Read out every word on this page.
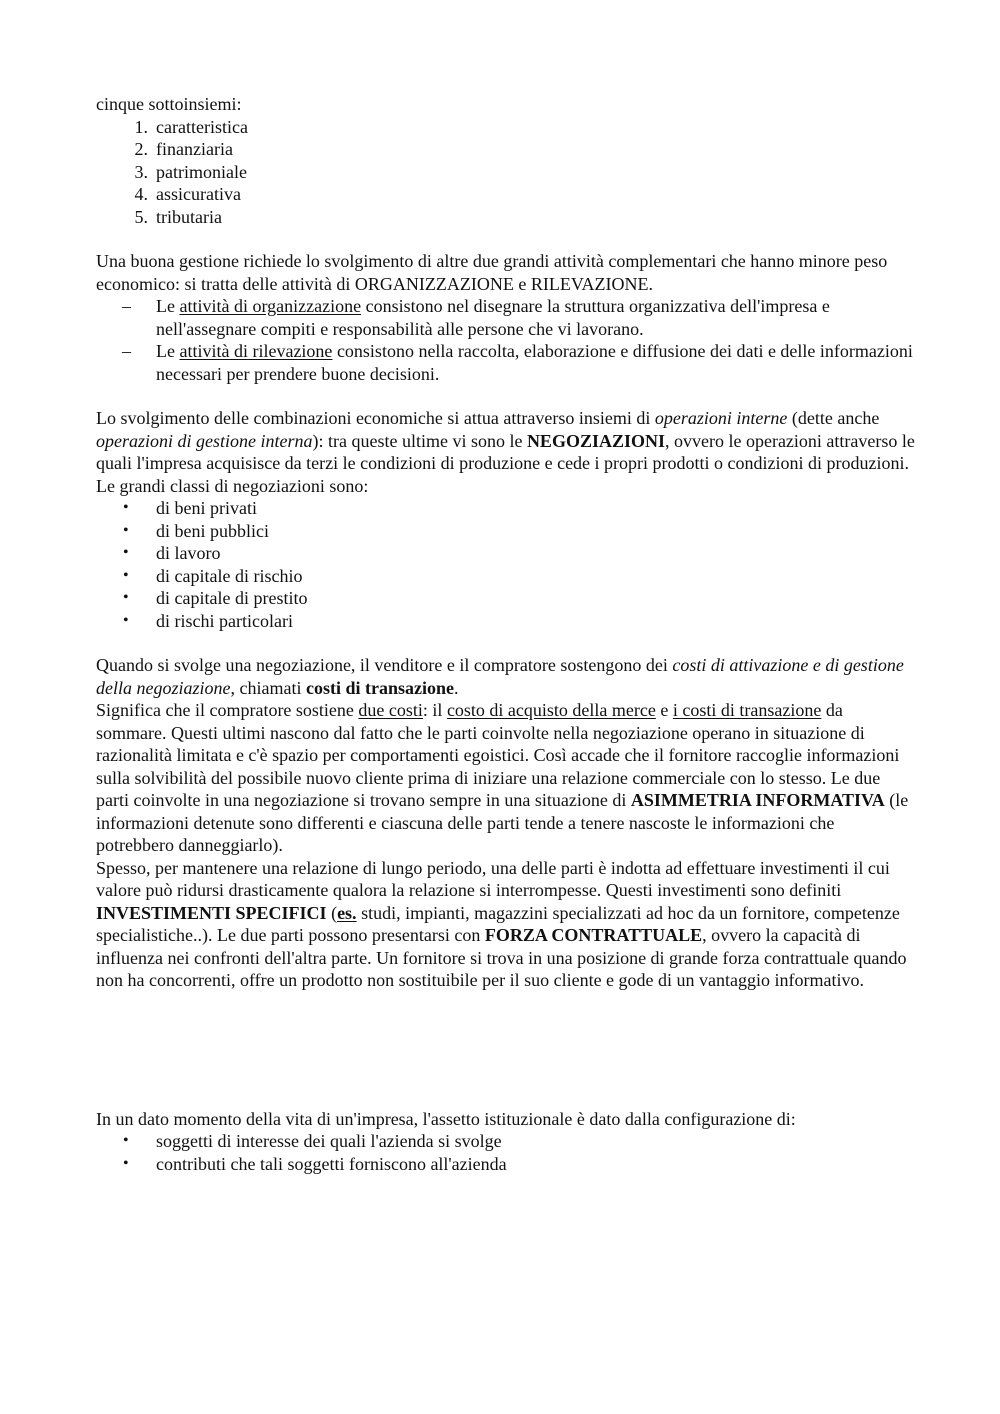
cinque sottoinsiemi:

1. caratteristica
2. finanziaria
3. patrimoniale
4. assicurativa
5. tributaria

Una buona gestione richiede lo svolgimento di altre due grandi attività complementari che hanno minore peso economico: si tratta delle attività di ORGANIZZAZIONE e RILEVAZIONE.

– Le attività di organizzazione consistono nel disegnare la struttura organizzativa dell'impresa e nell'assegnare compiti e responsabilità alle persone che vi lavorano.
– Le attività di rilevazione consistono nella raccolta, elaborazione e diffusione dei dati e delle informazioni necessari per prendere buone decisioni.

Lo svolgimento delle combinazioni economiche si attua attraverso insiemi di operazioni interne (dette anche operazioni di gestione interna): tra queste ultime vi sono le NEGOZIAZIONI, ovvero le operazioni attraverso le quali l'impresa acquisisce da terzi le condizioni di produzione e cede i propri prodotti o condizioni di produzioni.

Le grandi classi di negoziazioni sono:

• di beni privati
• di beni pubblici
• di lavoro
• di capitale di rischio
• di capitale di prestito
• di rischi particolari

Quando si svolge una negoziazione, il venditore e il compratore sostengono dei costi di attivazione e di gestione della negoziazione, chiamati costi di transazione.

Significa che il compratore sostiene due costi: il costo di acquisto della merce e i costi di transazione da sommare. Questi ultimi nascono dal fatto che le parti coinvolte nella negoziazione operano in situazione di razionalità limitata e c'è spazio per comportamenti egoistici. Così accade che il fornitore raccoglie informazioni sulla solvibilità del possibile nuovo cliente prima di iniziare una relazione commerciale con lo stesso. Le due parti coinvolte in una negoziazione si trovano sempre in una situazione di ASIMMETRIA INFORMATIVA (le informazioni detenute sono differenti e ciascuna delle parti tende a tenere nascoste le informazioni che potrebbero danneggiarlo).

Spesso, per mantenere una relazione di lungo periodo, una delle parti è indotta ad effettuare investimenti il cui valore può ridursi drasticamente qualora la relazione si interrompesse. Questi investimenti sono definiti INVESTIMENTI SPECIFICI (es. studi, impianti, magazzini specializzati ad hoc da un fornitore, competenze specialistiche..). Le due parti possono presentarsi con FORZA CONTRATTUALE, ovvero la capacità di influenza nei confronti dell'altra parte. Un fornitore si trova in una posizione di grande forza contrattuale quando non ha concorrenti, offre un prodotto non sostituibile per il suo cliente e gode di un vantaggio informativo.

In un dato momento della vita di un'impresa, l'assetto istituzionale è dato dalla configurazione di:

• soggetti di interesse dei quali l'azienda si svolge
• contributi che tali soggetti forniscono all'azienda
